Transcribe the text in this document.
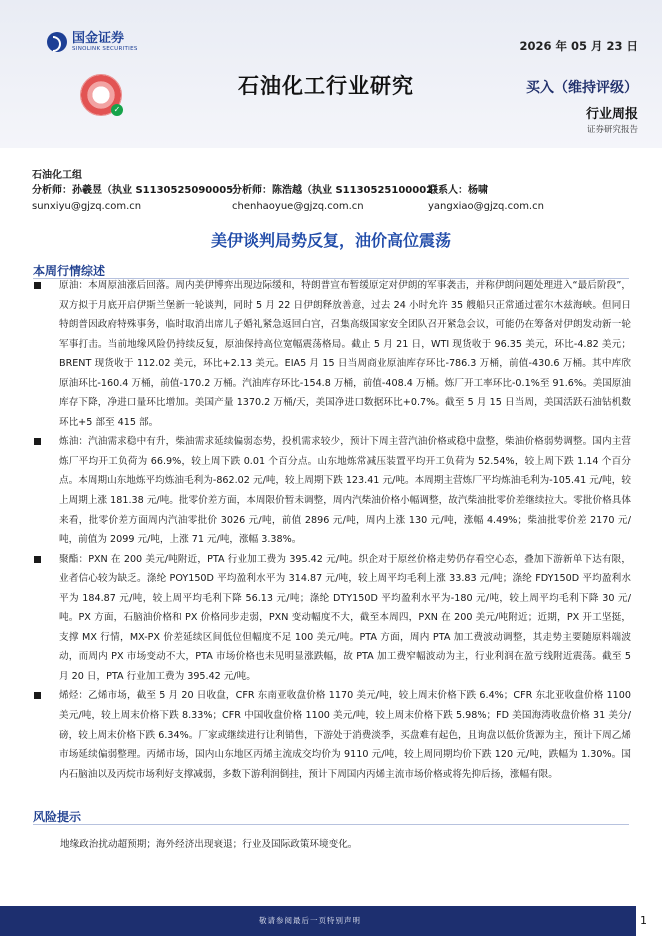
国金证券
SINOLINK SECURITIES
✓
2026 年 05 月 23 日
石油化工行业研究	买入（维持评级）
行业周报
证券研究报告
石油化工组
分析师：孙羲昱（执业 S1130525090005）
sunxiyu@gjzq.com.cn
分析师：陈浩越（执业 S1130525100002）
chenhaoyue@gjzq.com.cn
联系人：杨啸
yangxiao@gjzq.com.cn
美伊谈判局势反复，油价高位震荡
本周行情综述
原油：本周原油涨后回落。周内美伊博弈出现边际缓和，特朗普宣布暂缓原定对伊朗的军事袭击，并称伊朗问题处理进入“最后阶段”，双方拟于月底开启伊斯兰堡新一轮谈判，同时 5 月 22 日伊朗释放善意，过去 24 小时允许 35 艘船只正常通过霍尔木兹海峡。但同日特朗普因政府特殊事务，临时取消出席儿子婚礼紧急返回白宫，召集高级国家安全团队召开紧急会议，可能仍在筹备对伊朗发动新一轮军事打击。当前地缘风险仍持续反复，原油保持高位宽幅震荡格局。截止 5 月 21 日，WTI 现货收于 96.35 美元，环比-4.82 美元；BRENT 现货收于 112.02 美元，环比+2.13 美元。EIA5 月 15 日当周商业原油库存环比-786.3 万桶，前值-430.6 万桶。其中库欣原油环比-160.4 万桶，前值-170.2 万桶。汽油库存环比-154.8 万桶，前值-408.4 万桶。炼厂开工率环比-0.1%至 91.6%。美国原油库存下降，净进口量环比增加。美国产量 1370.2 万桶/天，美国净进口数据环比+0.7%。截至 5 月 15 日当周，美国活跃石油钻机数环比+5 部至 415 部。
炼油：汽油需求稳中有升，柴油需求延续偏弱态势，投机需求较少，预计下周主营汽油价格或稳中盘整，柴油价格弱势调整。国内主营炼厂平均开工负荷为 66.9%，较上周下跌 0.01 个百分点。山东地炼常减压装置平均开工负荷为 52.54%，较上周下跌 1.14 个百分点。本周期山东地炼平均炼油毛利为-862.02 元/吨，较上周期下跌 123.41 元/吨。本周期主营炼厂平均炼油毛利为-105.41 元/吨，较上周期上涨 181.38 元/吨。批零价差方面，本周限价暂未调整，周内汽柴油价格小幅调整，故汽柴油批零价差继续拉大。零批价格具体来看，批零价差方面周内汽油零批价 3026 元/吨，前值 2896 元/吨，周内上涨 130 元/吨，涨幅 4.49%；柴油批零价差 2170 元/吨，前值为 2099 元/吨，上涨 71 元/吨，涨幅 3.38%。
聚酯：PXN 在 200 美元/吨附近，PTA 行业加工费为 395.42 元/吨。织企对于原丝价格走势仍存看空心态，叠加下游新单下达有限，业者信心较为缺乏。涤纶 POY150D 平均盈利水平为 314.87 元/吨，较上周平均毛利上涨 33.83 元/吨；涤纶 FDY150D 平均盈利水平为 184.87 元/吨，较上周平均毛利下降 56.13 元/吨；涤纶 DTY150D 平均盈利水平为-180 元/吨，较上周平均毛利下降 30 元/吨。PX 方面，石脑油价格和 PX 价格同步走弱，PXN 变动幅度不大，截至本周四，PXN 在 200 美元/吨附近；近期，PX 开工坚挺，支撑 MX 行情，MX-PX 价差延续区间低位但幅度不足 100 美元/吨。PTA 方面，周内 PTA 加工费波动调整，其走势主要随原料端波动，而周内 PX 市场变动不大，PTA 市场价格也未见明显涨跌幅，故 PTA 加工费窄幅波动为主，行业利润在盈亏线附近震荡。截至 5 月 20 日，PTA 行业加工费为 395.42 元/吨。
烯烃：乙烯市场，截至 5 月 20 日收盘，CFR 东南亚收盘价格 1170 美元/吨，较上周末价格下跌 6.4%；CFR 东北亚收盘价格 1100 美元/吨，较上周末价格下跌 8.33%；CFR 中国收盘价格 1100 美元/吨，较上周末价格下跌 5.98%；FD 美国海湾收盘价格 31 美分/磅，较上周末价格下跌 6.34%。厂家或继续进行让利销售，下游处于消费淡季，买盘难有起色，且询盘以低价货源为主，预计下周乙烯市场延续偏弱整理。丙烯市场，国内山东地区丙烯主流成交均价为 9110 元/吨，较上周同期均价下跌 120 元/吨，跌幅为 1.30%。国内石脑油以及丙烷市场利好支撑减弱，多数下游利润倒挂，预计下周国内丙烯主流市场价格或将先抑后扬，涨幅有限。
风险提示
地缘政治扰动超预期；海外经济出现衰退；行业及国际政策环境变化。
敬请参阅最后一页特别声明	1
